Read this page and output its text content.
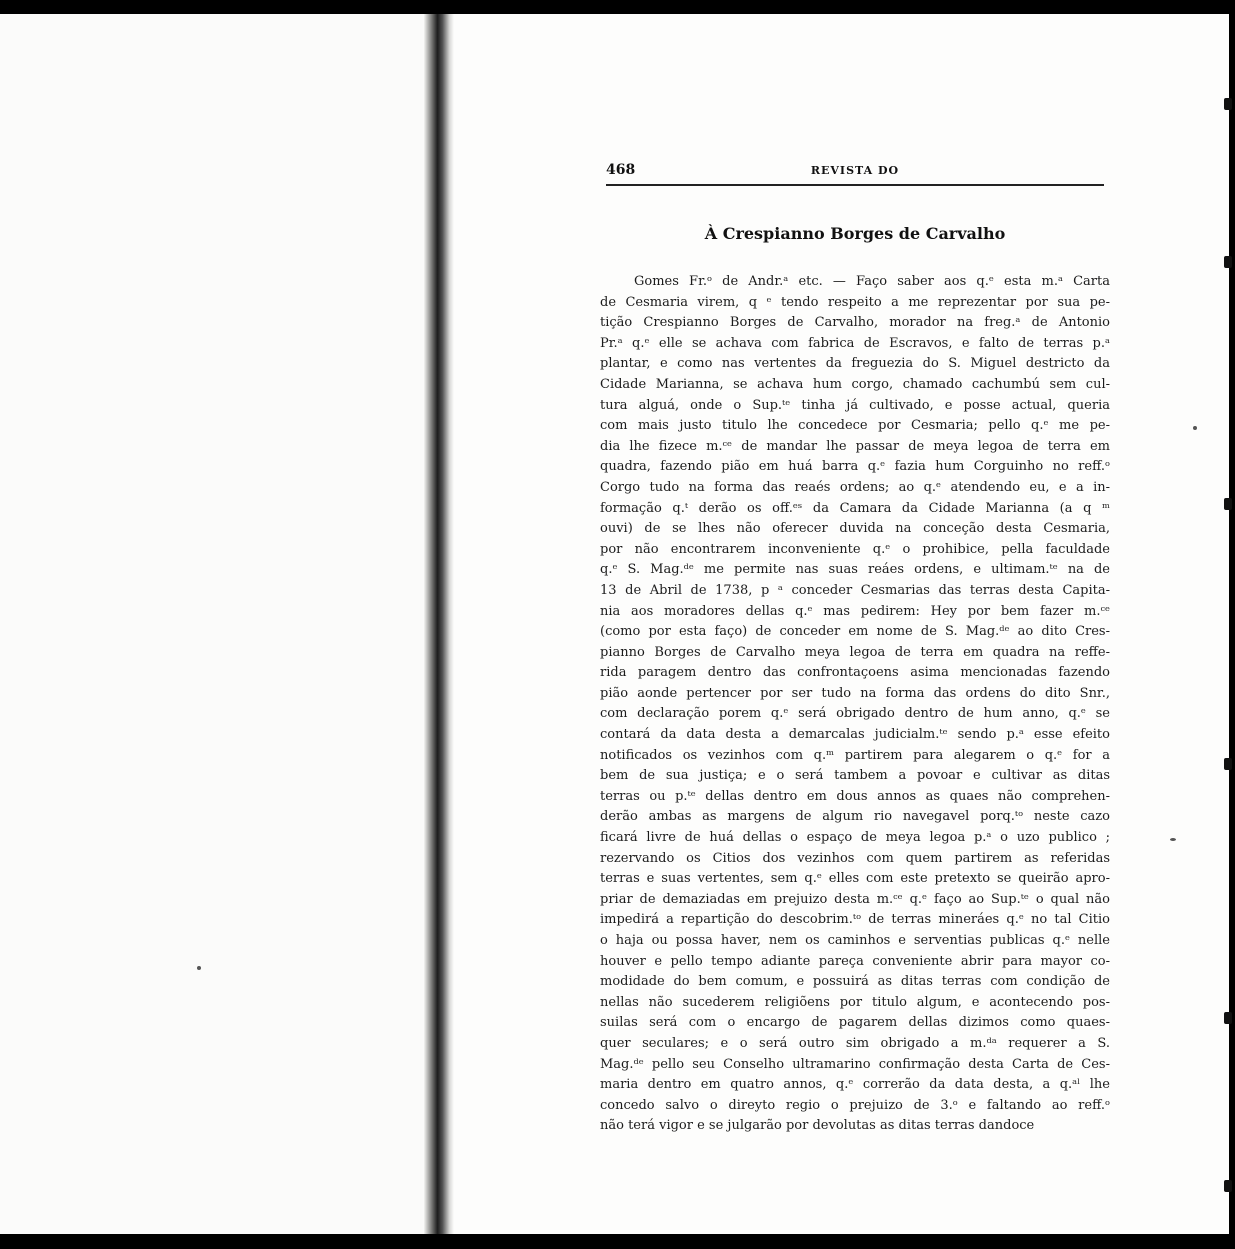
468	REVISTA DO
À Crespianno Borges de Carvalho
Gomes Fr.ᵒ de Andr.ᵃ etc. — Faço saber aos q.ᵉ esta m.ᵃ Carta
de Cesmaria virem, q ᵉ tendo respeito a me reprezentar por sua pe-
tição Crespianno Borges de Carvalho, morador na freg.ᵃ de Antonio
Pr.ᵃ q.ᵉ elle se achava com fabrica de Escravos, e falto de terras p.ᵃ
plantar, e como nas vertentes da freguezia do S. Miguel destricto da
Cidade Marianna, se achava hum corgo, chamado cachumbú sem cul-
tura alguá, onde o Sup.ᵗᵉ tinha já cultivado, e posse actual, queria
com mais justo titulo lhe concedece por Cesmaria; pello q.ᵉ me pe-
dia lhe fizece m.ᶜᵉ de mandar lhe passar de meya legoa de terra em
quadra, fazendo pião em huá barra q.ᵉ fazia hum Corguinho no reff.ᵒ
Corgo tudo na forma das reaés ordens; ao q.ᵉ atendendo eu, e a in-
formação q.ᵗ derão os off.ᵉˢ da Camara da Cidade Marianna (a q ᵐ
ouvi) de se lhes não oferecer duvida na conceção desta Cesmaria,
por não encontrarem inconveniente q.ᵉ o prohibice, pella faculdade
q.ᵉ S. Mag.ᵈᵉ me permite nas suas reáes ordens, e ultimam.ᵗᵉ na de
13 de Abril de 1738, p ᵃ conceder Cesmarias das terras desta Capita-
nia aos moradores dellas q.ᵉ mas pedirem: Hey por bem fazer m.ᶜᵉ
(como por esta faço) de conceder em nome de S. Mag.ᵈᵉ ao dito Cres-
pianno Borges de Carvalho meya legoa de terra em quadra na reffe-
rida paragem dentro das confrontaçoens asima mencionadas fazendo
pião aonde pertencer por ser tudo na forma das ordens do dito Snr.,
com declaração porem q.ᵉ será obrigado dentro de hum anno, q.ᵉ se
contará da data desta a demarcalas judicialm.ᵗᵉ sendo p.ᵃ esse efeito
notificados os vezinhos com q.ᵐ partirem para alegarem o q.ᵉ for a
bem de sua justiça; e o será tambem a povoar e cultivar as ditas
terras ou p.ᵗᵉ dellas dentro em dous annos as quaes não comprehen-
derão ambas as margens de algum rio navegavel porq.ᵗᵒ neste cazo
ficará livre de huá dellas o espaço de meya legoa p.ᵃ o uzo publico ;
rezervando os Citios dos vezinhos com quem partirem as referidas
terras e suas vertentes, sem q.ᵉ elles com este pretexto se queirão apro-
priar de demaziadas em prejuizo desta m.ᶜᵉ q.ᵉ faço ao Sup.ᵗᵉ o qual não
impedirá a repartição do descobrim.ᵗᵒ de terras mineráes q.ᵉ no tal Citio
o haja ou possa haver, nem os caminhos e serventias publicas q.ᵉ nelle
houver e pello tempo adiante pareça conveniente abrir para mayor co-
modidade do bem comum, e possuirá as ditas terras com condição de
nellas não sucederem religiõens por titulo algum, e acontecendo pos-
suilas será com o encargo de pagarem dellas dizimos como quaes-
quer seculares; e o será outro sim obrigado a m.ᵈᵃ requerer a S.
Mag.ᵈᵉ pello seu Conselho ultramarino confirmação desta Carta de Ces-
maria dentro em quatro annos, q.ᵉ correrão da data desta, a q.ᵃˡ lhe
concedo salvo o direyto regio o prejuizo de 3.ᵒ e faltando ao reff.ᵒ
não terá vigor e se julgarão por devolutas as ditas terras dandoce
